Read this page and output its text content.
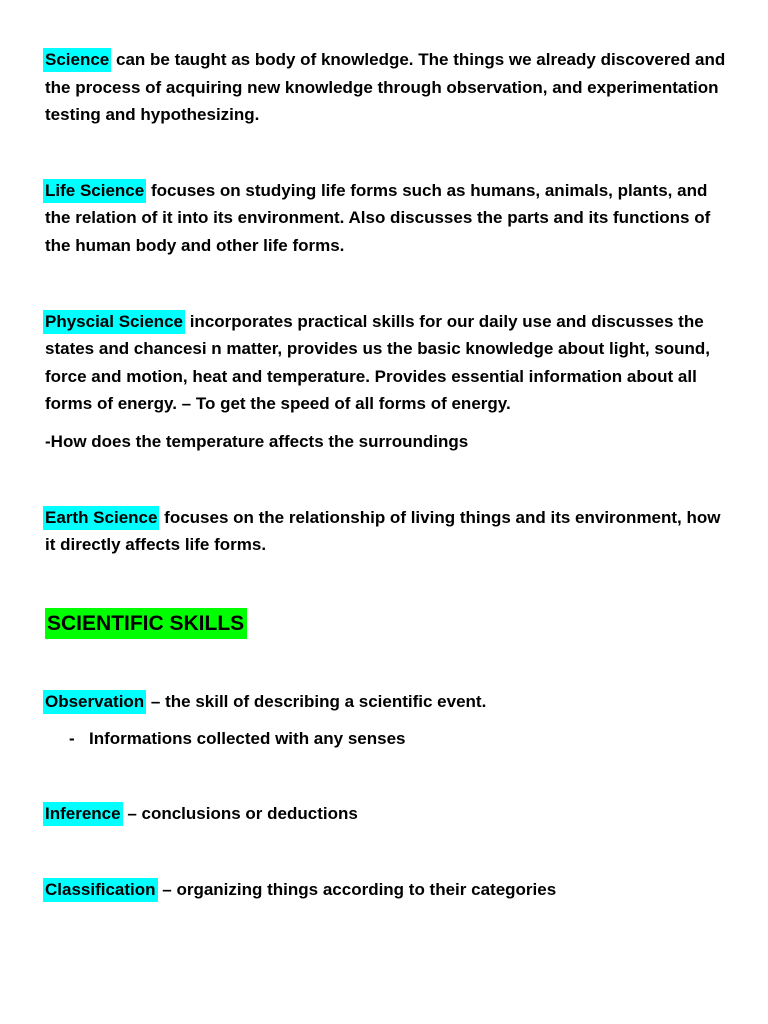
Science can be taught as body of knowledge. The things we already discovered and the process of acquiring new knowledge through observation, and experimentation testing and hypothesizing.

Life Science focuses on studying life forms such as humans, animals, plants, and the relation of it into its environment. Also discusses the parts and its functions of the human body and other life forms.

Physcial Science incorporates practical skills for our daily use and discusses the states and chancesi n matter, provides us the basic knowledge about light, sound, force and motion, heat and temperature. Provides essential information about all forms of energy. – To get the speed of all forms of energy.

-How does the temperature affects the surroundings

Earth Science focuses on the relationship of living things and its environment, how it directly affects life forms.

SCIENTIFIC SKILLS

Observation – the skill of describing a scientific event.

- Informations collected with any senses

Inference – conclusions or deductions

Classification – organizing things according to their categories
